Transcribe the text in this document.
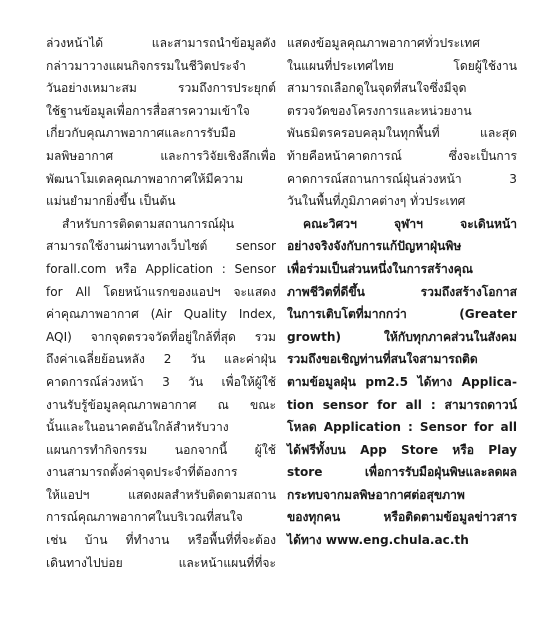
ล่วงหน้าได้ และสามารถนำข้อมูลดัง
กล่าวมาวางแผนกิจกรรมในชีวิตประจำ
วันอย่างเหมาะสม รวมถึงการประยุกต์
ใช้ฐานข้อมูลเพื่อการสื่อสารความเข้าใจ
เกี่ยวกับคุณภาพอากาศและการรับมือ
มลพิษอากาศ และการวิจัยเชิงลึกเพื่อ
พัฒนาโมเดลคุณภาพอากาศให้มีความ
แม่นยำมากยิ่งขึ้น เป็นต้น
สำหรับการติดตามสถานการณ์ฝุ่น
สามารถใช้งานผ่านทางเว็บไซต์ sensor
forall.com หรือ Application : Sensor
for All โดยหน้าแรกของแอปฯ จะแสดง
ค่าคุณภาพอากาศ (Air Quality Index,
AQI) จากจุดตรวจวัดที่อยู่ใกล้ที่สุด รวม
ถึงค่าเฉลี่ยย้อนหลัง 2 วัน และค่าฝุ่น
คาดการณ์ล่วงหน้า 3 วัน เพื่อให้ผู้ใช้
งานรับรู้ข้อมูลคุณภาพอากาศ ณ ขณะ
นั้นและในอนาคตอันใกล้สำหรับวาง
แผนการทำกิจกรรม นอกจากนี้ ผู้ใช้
งานสามารถตั้งค่าจุดประจำที่ต้องการ
ให้แอปฯ แสดงผลสำหรับติดตามสถาน
การณ์คุณภาพอากาศในบริเวณที่สนใจ
เช่น บ้าน ที่ทำงาน หรือพื้นที่ที่จะต้อง
เดินทางไปบ่อย และหน้าแผนที่ที่จะ
แสดงข้อมูลคุณภาพอากาศทั่วประเทศ
ในแผนที่ประเทศไทย โดยผู้ใช้งาน
สามารถเลือกดูในจุดที่สนใจซึ่งมีจุด
ตรวจวัดของโครงการและหน่วยงาน
พันธมิตรครอบคลุมในทุกพื้นที่ และสุด
ท้ายคือหน้าคาดการณ์ ซึ่งจะเป็นการ
คาดการณ์สถานการณ์ฝุ่นล่วงหน้า 3
วันในพื้นที่ภูมิภาคต่างๆ ทั่วประเทศ
คณะวิศวฯ จุฬาฯ จะเดินหน้า
อย่างจริงจังกับการแก้ปัญหาฝุ่นพิษ
เพื่อร่วมเป็นส่วนหนึ่งในการสร้างคุณ
ภาพชีวิตที่ดีขึ้น รวมถึงสร้างโอกาส
ในการเติบโตที่มากกว่า (Greater
growth) ให้กับทุกภาคส่วนในสังคม
รวมถึงขอเชิญท่านที่สนใจสามารถติด
ตามข้อมูลฝุ่น pm2.5 ได้ทาง Applica-
tion sensor for all : สามารถดาวน์
โหลด Application : Sensor for all
ได้ฟรีทั้งบน App Store หรือ Play
store เพื่อการรับมือฝุ่นพิษและลดผล
กระทบจากมลพิษอากาศต่อสุขภาพ
ของทุกคน หรือติดตามข้อมูลข่าวสาร
ได้ทาง www.eng.chula.ac.th
